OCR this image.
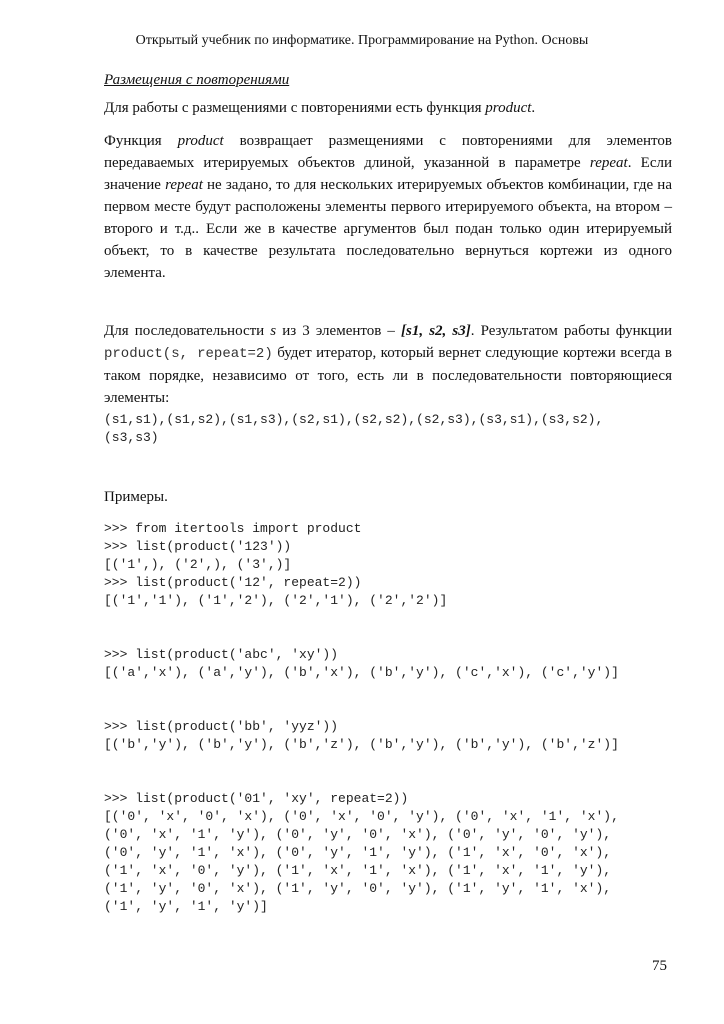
Открытый учебник по информатике. Программирование на Python. Основы
Размещения с повторениями
Для работы с размещениями с повторениями есть функция product.
Функция product возвращает размещениями с повторениями для элементов передаваемых итерируемых объектов длиной, указанной в параметре repeat. Если значение repeat не задано, то для нескольких итерируемых объектов комбинации, где на первом месте будут расположены элементы первого итерируемого объекта, на втором – второго и т.д.. Если же в качестве аргументов был подан только один итерируемый объект, то в качестве результата последовательно вернуться кортежи из одного элемента.
Для последовательности s из 3 элементов – [s1, s2, s3]. Результатом работы функции product(s, repeat=2) будет итератор, который вернет следующие кортежи всегда в таком порядке, независимо от того, есть ли в последовательности повторяющиеся элементы:
(s1,s1),(s1,s2),(s1,s3),(s2,s1),(s2,s2),(s2,s3),(s3,s1),(s3,s2),
(s3,s3)
Примеры.
>>> from itertools import product
>>> list(product('123'))
[('1',), ('2',), ('3',)]
>>> list(product('12', repeat=2))
[('1','1'), ('1','2'), ('2','1'), ('2','2')]
>>> list(product('abc', 'xy'))
[('a','x'), ('a','y'), ('b','x'), ('b','y'), ('c','x'), ('c','y')]
>>> list(product('bb', 'yyz'))
[('b','y'), ('b','y'), ('b','z'), ('b','y'), ('b','y'), ('b','z')]
>>> list(product('01', 'xy', repeat=2))
[('0', 'x', '0', 'x'), ('0', 'x', '0', 'y'), ('0', 'x', '1', 'x'),
('0', 'x', '1', 'y'), ('0', 'y', '0', 'x'), ('0', 'y', '0', 'y'),
('0', 'y', '1', 'x'), ('0', 'y', '1', 'y'), ('1', 'x', '0', 'x'),
('1', 'x', '0', 'y'), ('1', 'x', '1', 'x'), ('1', 'x', '1', 'y'),
('1', 'y', '0', 'x'), ('1', 'y', '0', 'y'), ('1', 'y', '1', 'x'),
('1', 'y', '1', 'y')]
75
